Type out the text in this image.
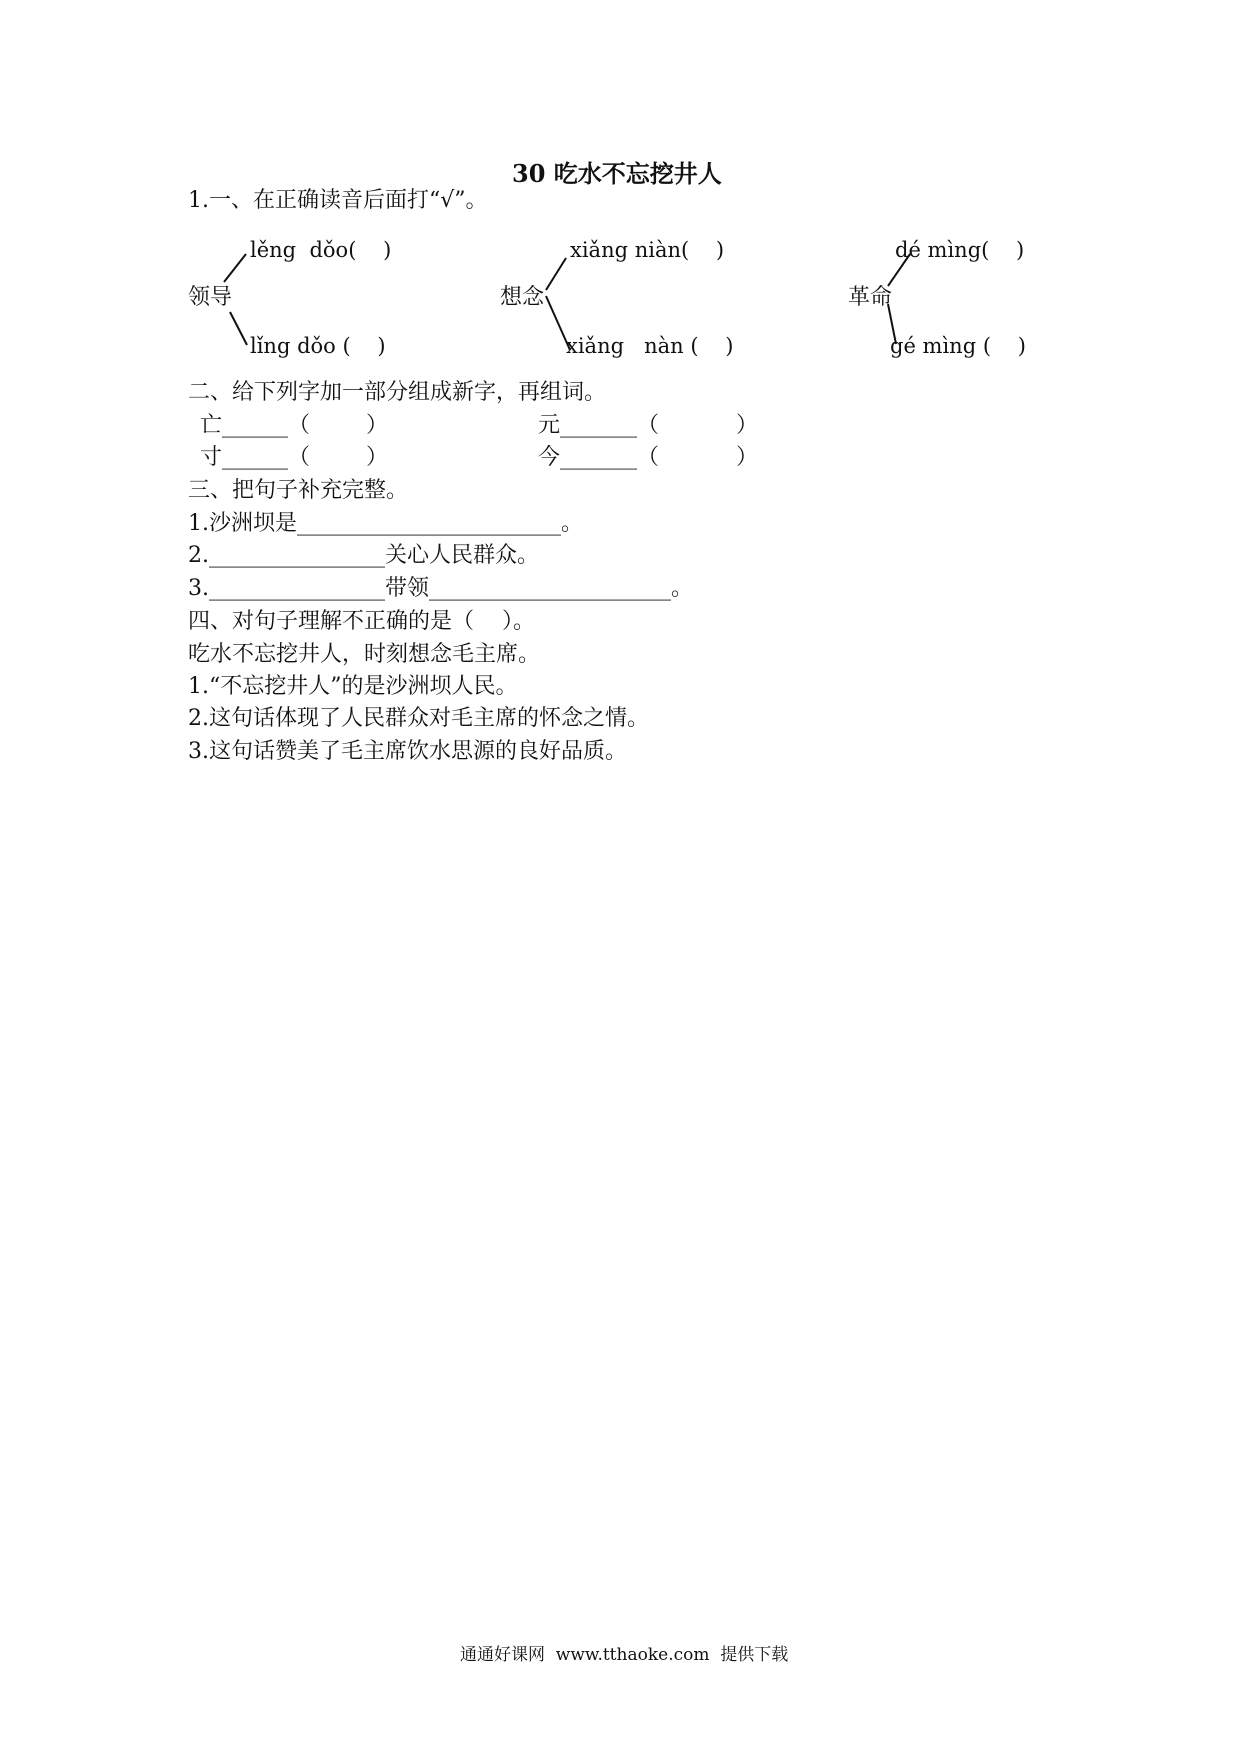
30 吃水不忘挖井人
1.一、在正确读音后面打“√”。
lěng  dǒo(    )
领导
lǐng dǒo (    )
xiǎng niàn(    )
想念
xiǎng   nàn (    )
dé mìng(    )
革命
gé mìng (    )
二、给下列字加一部分组成新字，再组词。
亡______（        ）	元_______（           ）
寸______（        ）	今_______（           ）
三、把句子补充完整。
1.沙洲坝是________________________。
2.________________关心人民群众。
3.________________带领______________________。
四、对句子理解不正确的是（    ）。
吃水不忘挖井人，时刻想念毛主席。
1.“不忘挖井人”的是沙洲坝人民。
2.这句话体现了人民群众对毛主席的怀念之情。
3.这句话赞美了毛主席饮水思源的良好品质。
通通好课网  www.tthaoke.com  提供下载
